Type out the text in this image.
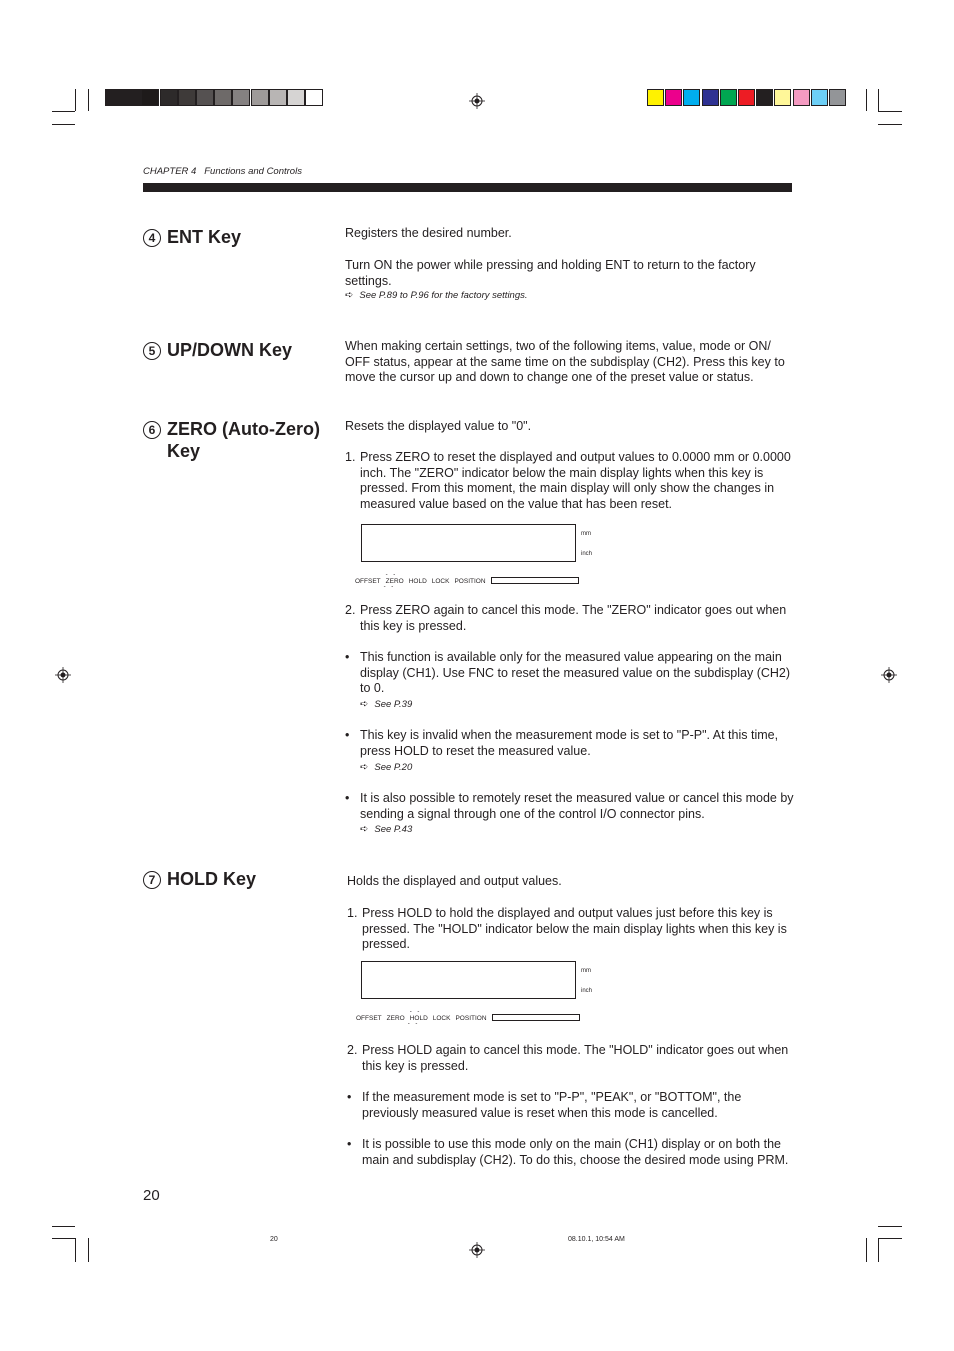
CHAPTER 4 Functions and Controls
4 ENT Key	Registers the desired number.

Turn ON the power while pressing and holding ENT to return to the factory settings.

➪ See P.89 to P.96 for the factory settings.
5 UP/DOWN Key	When making certain settings, two of the following items, value, mode or ON/ OFF status, appear at the same time on the subdisplay (CH2). Press this key to move the cursor up and down to change one of the preset value or status.

6 ZERO (Auto-Zero)
Key

Resets the displayed value to "0".

1. Press ZERO to reset the displayed and output values to 0.0000 mm or 0.0000 inch. The "ZERO" indicator below the main display lights when this key is pressed. From this moment, the main display will only show the changes in measured value based on the value that has been reset.

mm
inch
OFFSET - - ZERO - - HOLD LOCK POSITION
2. Press ZERO again to cancel this mode. The "ZERO" indicator goes out when this key is pressed.

• This function is available only for the measured value appearing on the main display (CH1). Use FNC to reset the measured value on the subdisplay (CH2) to 0.

➪ See P.39
• This key is invalid when the measurement mode is set to "P-P". At this time, press HOLD to reset the measured value.

➪ See P.20
• It is also possible to remotely reset the measured value or cancel this mode by sending a signal through one of the control I/O connector pins.

➪ See P.43
7 HOLD Key	Holds the displayed and output values.

1. Press HOLD to hold the displayed and output values just before this key is pressed. The "HOLD" indicator below the main display lights when this key is pressed.

mm
inch
OFFSET ZERO - - HOLD - - LOCK POSITION
2. Press HOLD again to cancel this mode. The "HOLD" indicator goes out when this key is pressed.

• If the measurement mode is set to "P-P", "PEAK", or "BOTTOM", the previously measured value is reset when this mode is cancelled.

• It is possible to use this mode only on the main (CH1) display or on both the main and subdisplay (CH2). To do this, choose the desired mode using PRM.

20
20	08.10.1, 10:54 AM
